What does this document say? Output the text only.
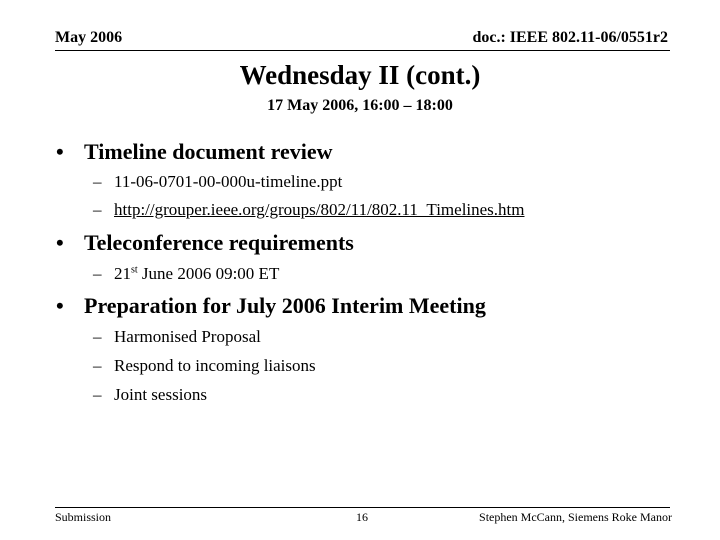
May 2006	doc.: IEEE 802.11-06/0551r2
Wednesday II (cont.)
17 May 2006, 16:00 – 18:00
• Timeline document review
– 11-06-0701-00-000u-timeline.ppt
– http://grouper.ieee.org/groups/802/11/802.11_Timelines.htm
• Teleconference requirements
– 21st June 2006 09:00 ET
• Preparation for July 2006 Interim Meeting
– Harmonised Proposal
– Respond to incoming liaisons
– Joint sessions
Submission	16	Stephen McCann, Siemens Roke Manor
